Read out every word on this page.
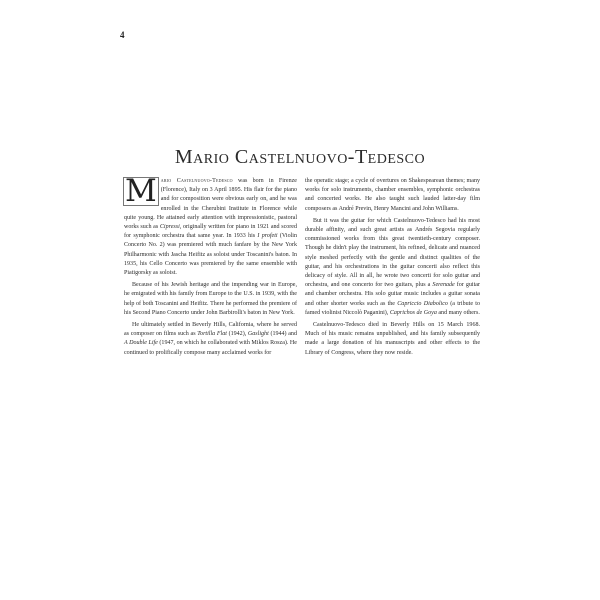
4
Mario Castelnuovo-Tedesco

M ario Castelnuovo-Tedesco was born in Firenze (Florence), Italy on 3 April 1895. His flair for the piano and for composition were obvious early on, and he was enrolled in the Cherubini Institute in Florence while quite young. He attained early attention with impressionistic, pastoral works such as Cipressi, originally written for piano in 1921 and scored for symphonic orchestra that same year. In 1933 his I profeti (Violin Concerto No. 2) was premiered with much fanfare by the New York Philharmonic with Jascha Heifitz as soloist under Toscanini's baton. In 1935, his Cello Concerto was premiered by the same ensemble with Piatigorsky as soloist.

Because of his Jewish heritage and the impending war in Europe, he emigrated with his family from Europe to the U.S. in 1939, with the help of both Toscanini and Heifitz. There he performed the premiere of his Second Piano Concerto under John Barbirolli's baton in New York.

He ultimately settled in Beverly Hills, California, where he served as composer on films such as Tortilla Flat (1942), Gaslight (1944) and A Double Life (1947, on which he collaborated with Miklos Rosza). He continued to prolifically compose many acclaimed works for

the operatic stage; a cycle of overtures on Shakespearean themes; many works for solo instruments, chamber ensembles, symphonic orchestras and concerted works. He also taught such lauded latter-day film composers as André Previn, Henry Mancini and John Williams.

But it was the guitar for which Castelnuovo-Tedesco had his most durable affinity, and such great artists as Andrés Segovia regularly commissioned works from this great twentieth-century composer. Though he didn't play the instrument, his refined, delicate and nuanced style meshed perfectly with the gentle and distinct qualities of the guitar, and his orchestrations in the guitar concerti also reflect this delicacy of style. All in all, he wrote two concerti for solo guitar and orchestra, and one concerto for two guitars, plus a Serenade for guitar and chamber orchestra. His solo guitar music includes a guitar sonata and other shorter works such as the Capriccio Diabolico (a tribute to famed violinist Niccolò Paganini), Caprichos de Goya and many others.

Castelnuovo-Tedesco died in Beverly Hills on 15 March 1968. Much of his music remains unpublished, and his family subsequently made a large donation of his manuscripts and other effects to the Library of Congress, where they now reside.
